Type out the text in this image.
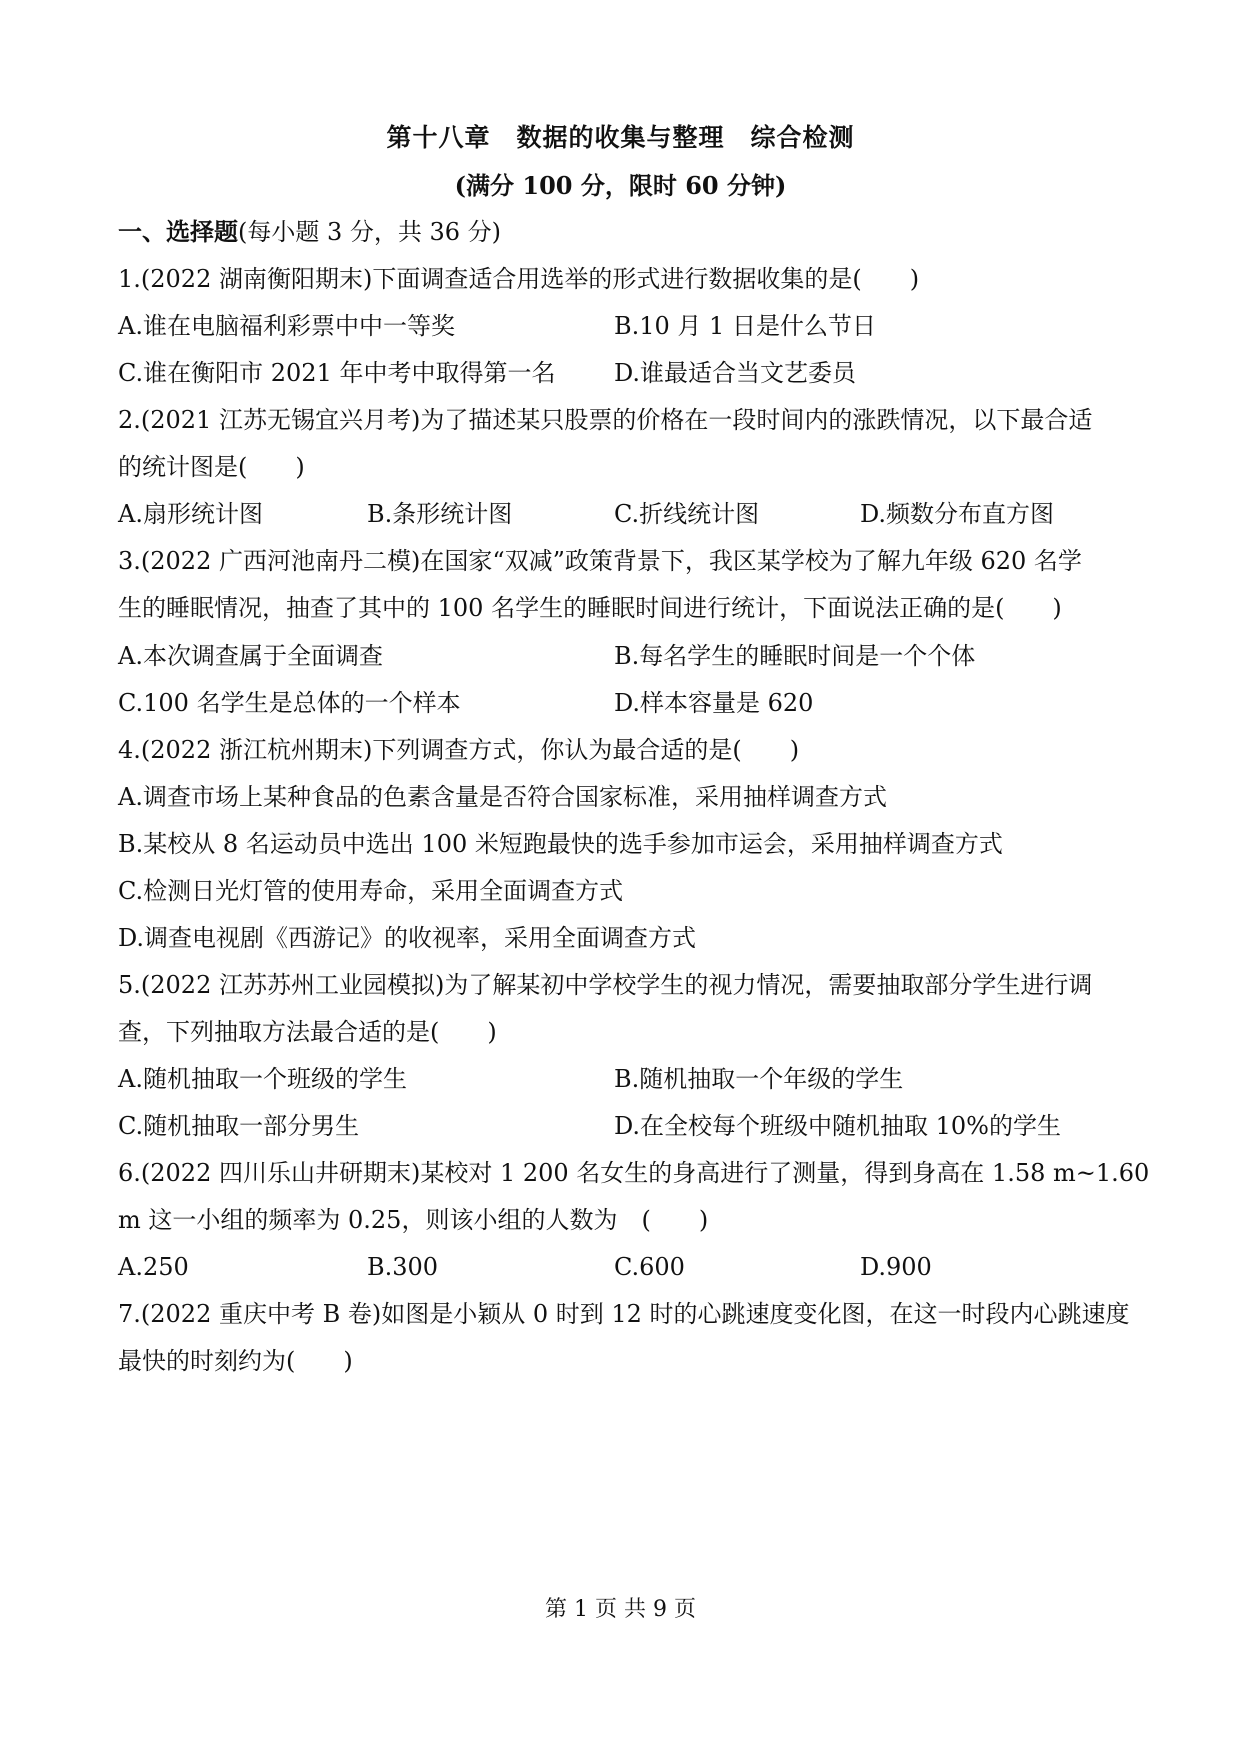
第十八章　数据的收集与整理　综合检测
(满分 100 分，限时 60 分钟)
一、选择题(每小题 3 分，共 36 分)
1.(2022 湖南衡阳期末)下面调查适合用选举的形式进行数据收集的是(　　)
A.谁在电脑福利彩票中中一等奖	B.10 月 1 日是什么节日
C.谁在衡阳市 2021 年中考中取得第一名 D.谁最适合当文艺委员
2.(2021 江苏无锡宜兴月考)为了描述某只股票的价格在一段时间内的涨跌情况，以下最合适
的统计图是(　　)
A.扇形统计图	B.条形统计图	C.折线统计图	D.频数分布直方图
3.(2022 广西河池南丹二模)在国家“双减”政策背景下，我区某学校为了解九年级 620 名学
生的睡眠情况，抽查了其中的 100 名学生的睡眠时间进行统计，下面说法正确的是(　　)
A.本次调查属于全面调查	B.每名学生的睡眠时间是一个个体
C.100 名学生是总体的一个样本	D.样本容量是 620
4.(2022 浙江杭州期末)下列调查方式，你认为最合适的是(　　)
A.调查市场上某种食品的色素含量是否符合国家标准，采用抽样调查方式
B.某校从 8 名运动员中选出 100 米短跑最快的选手参加市运会，采用抽样调查方式
C.检测日光灯管的使用寿命，采用全面调查方式
D.调查电视剧《西游记》的收视率，采用全面调查方式
5.(2022 江苏苏州工业园模拟)为了解某初中学校学生的视力情况，需要抽取部分学生进行调
查，下列抽取方法最合适的是(　　)
A.随机抽取一个班级的学生	B.随机抽取一个年级的学生
C.随机抽取一部分男生	D.在全校每个班级中随机抽取 10%的学生
6.(2022 四川乐山井研期末)某校对 1 200 名女生的身高进行了测量，得到身高在 1.58 m~1.60
m 这一小组的频率为 0.25，则该小组的人数为　(　　)
A.250	B.300	C.600	D.900
7.(2022 重庆中考 B 卷)如图是小颖从 0 时到 12 时的心跳速度变化图，在这一时段内心跳速度
最快的时刻约为(　　)
第 1 页 共 9 页
